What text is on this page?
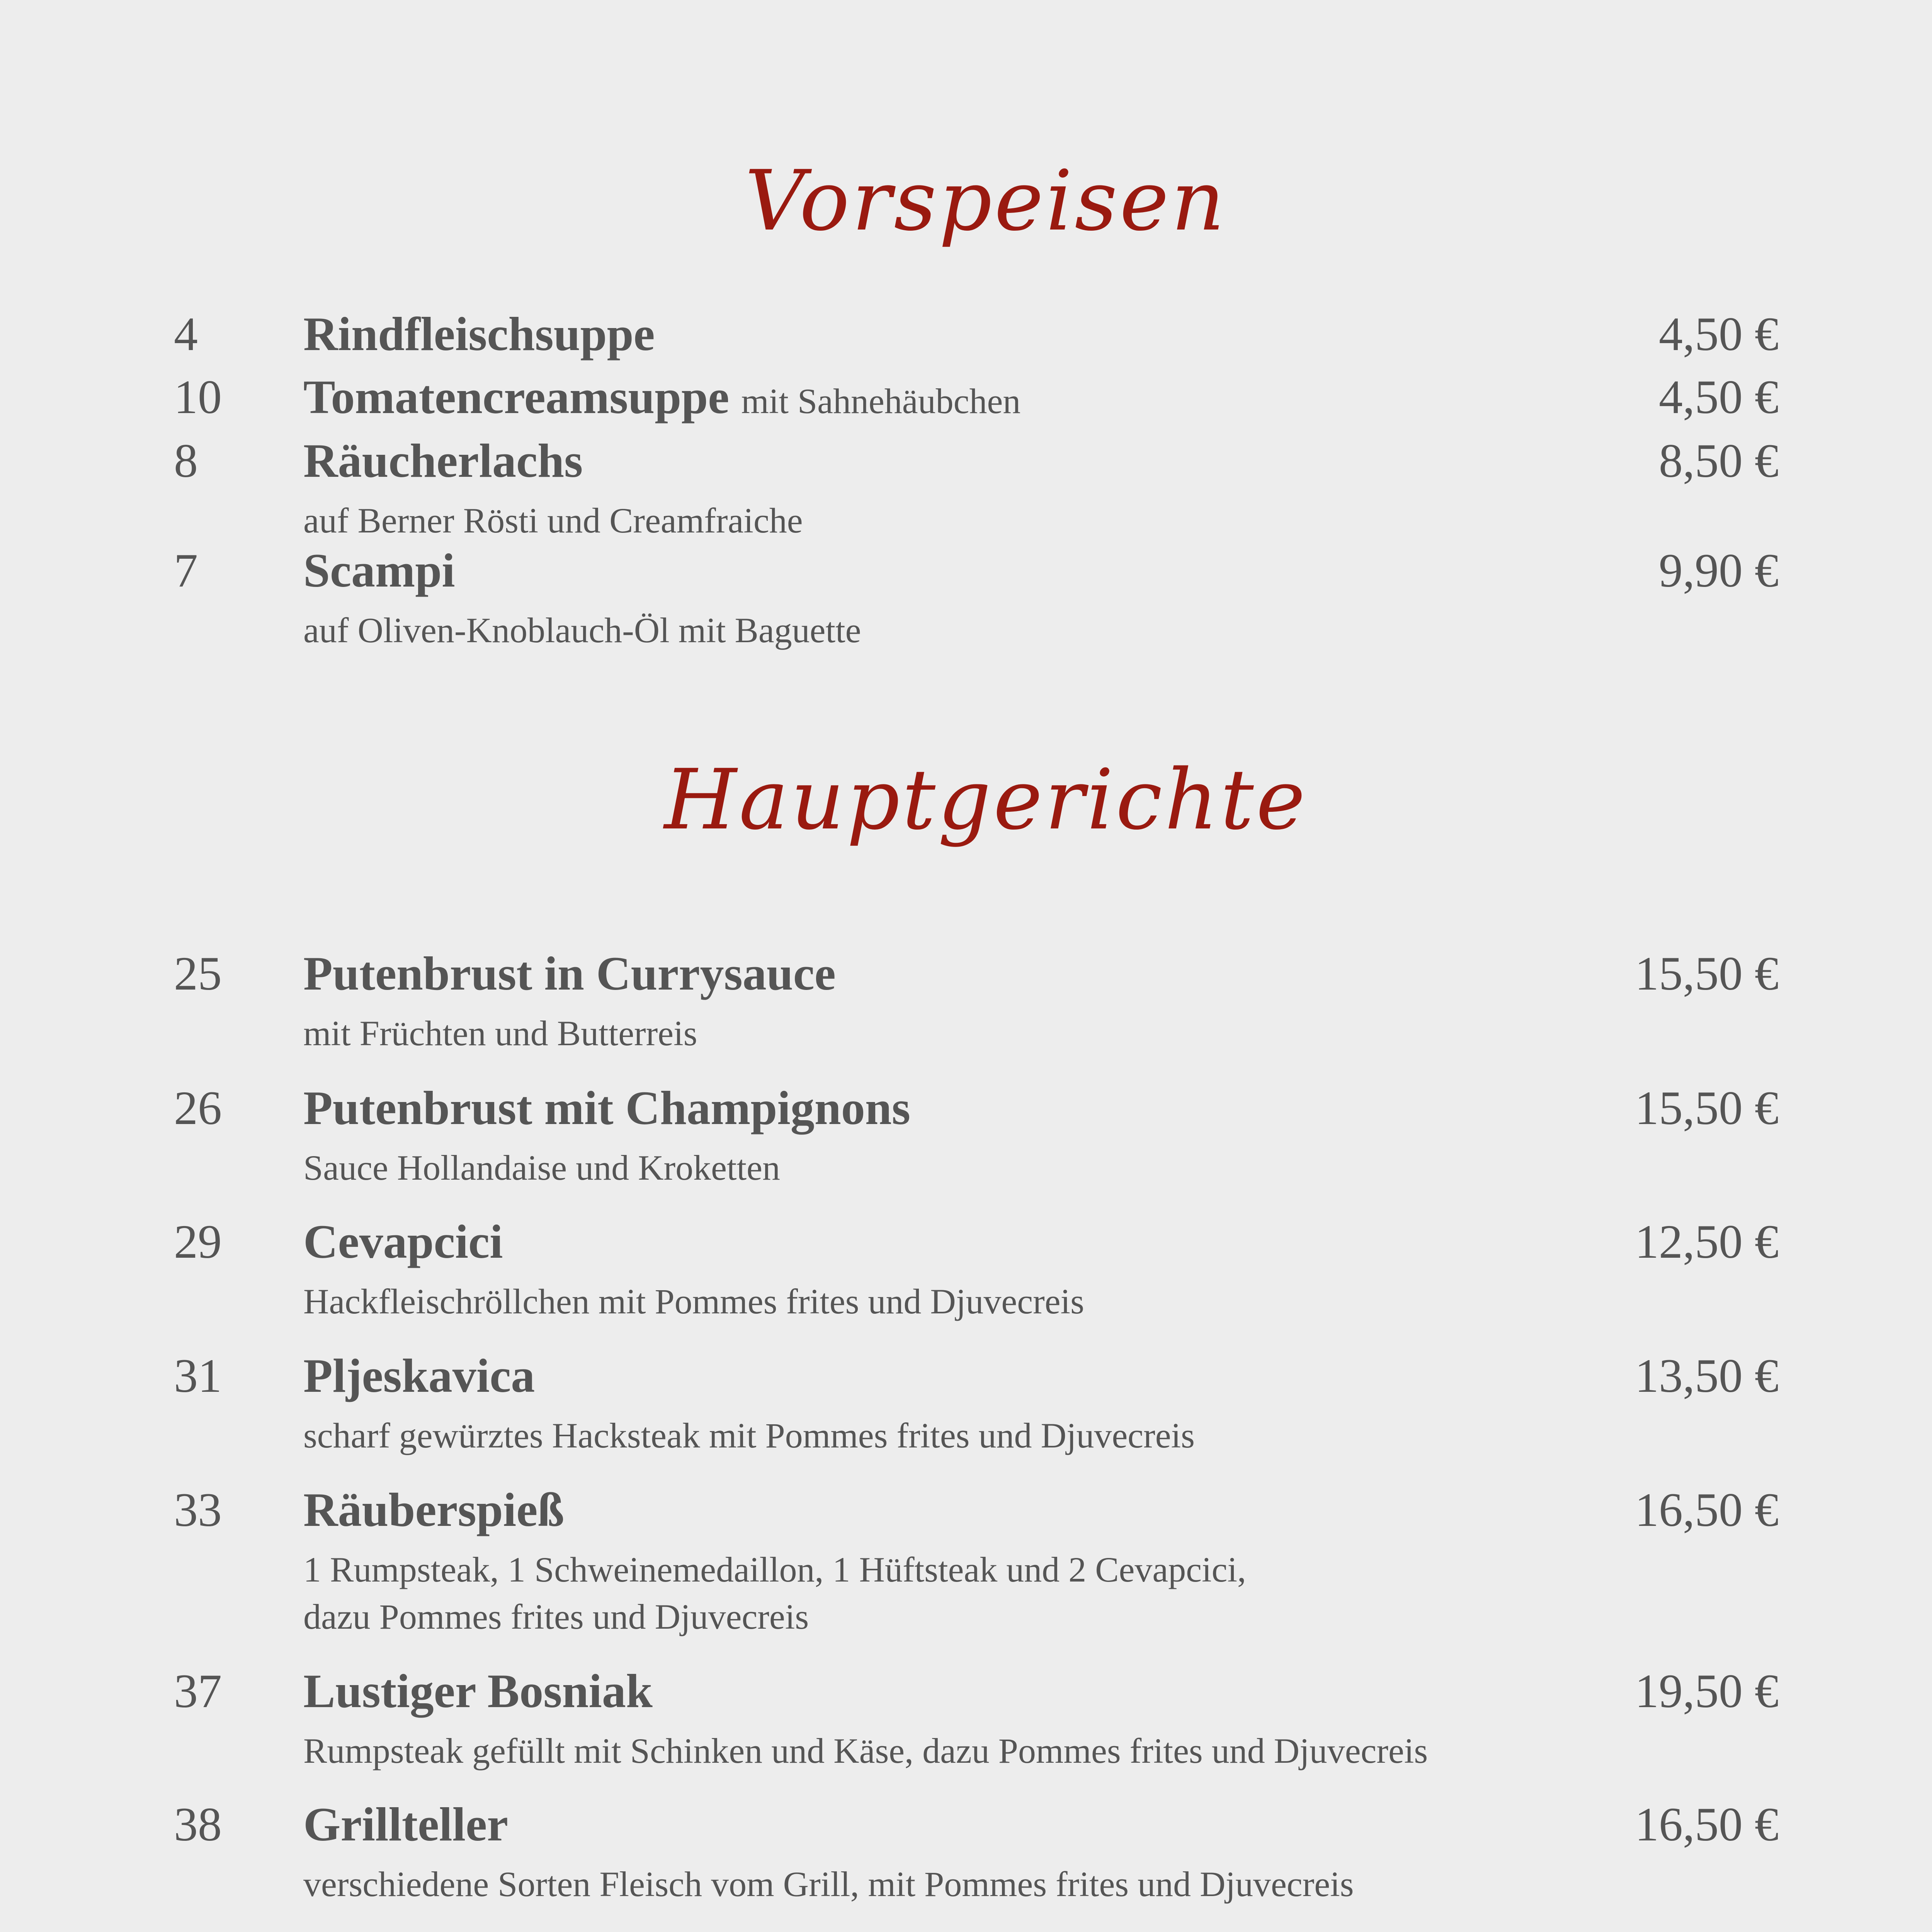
Vorspeisen
4 Rindfleischsuppe	4,50 €
10 Tomatencreamsuppe mit Sahnehäubchen	4,50 €
8 Räucherlachs
auf Berner Rösti und Creamfraiche
8,50 €
7 Scampi
auf Oliven-Knoblauch-Öl mit Baguette
9,90 €
Hauptgerichte
25 Putenbrust in Currysauce
mit Früchten und Butterreis
15,50 €
26 Putenbrust mit Champignons
Sauce Hollandaise und Kroketten
15,50 €
29 Cevapcici
Hackfleischröllchen mit Pommes frites und Djuvecreis
12,50 €
31 Pljeskavica
scharf gewürztes Hacksteak mit Pommes frites und Djuvecreis
13,50 €
33 Räuberspieß
1 Rumpsteak, 1 Schweinemedaillon, 1 Hüftsteak und 2 Cevapcici,
dazu Pommes frites und Djuvecreis
16,50 €
37 Lustiger Bosniak
Rumpsteak gefüllt mit Schinken und Käse, dazu Pommes frites und Djuvecreis
19,50 €
38 Grillteller
verschiedene Sorten Fleisch vom Grill, mit Pommes frites und Djuvecreis
16,50 €
